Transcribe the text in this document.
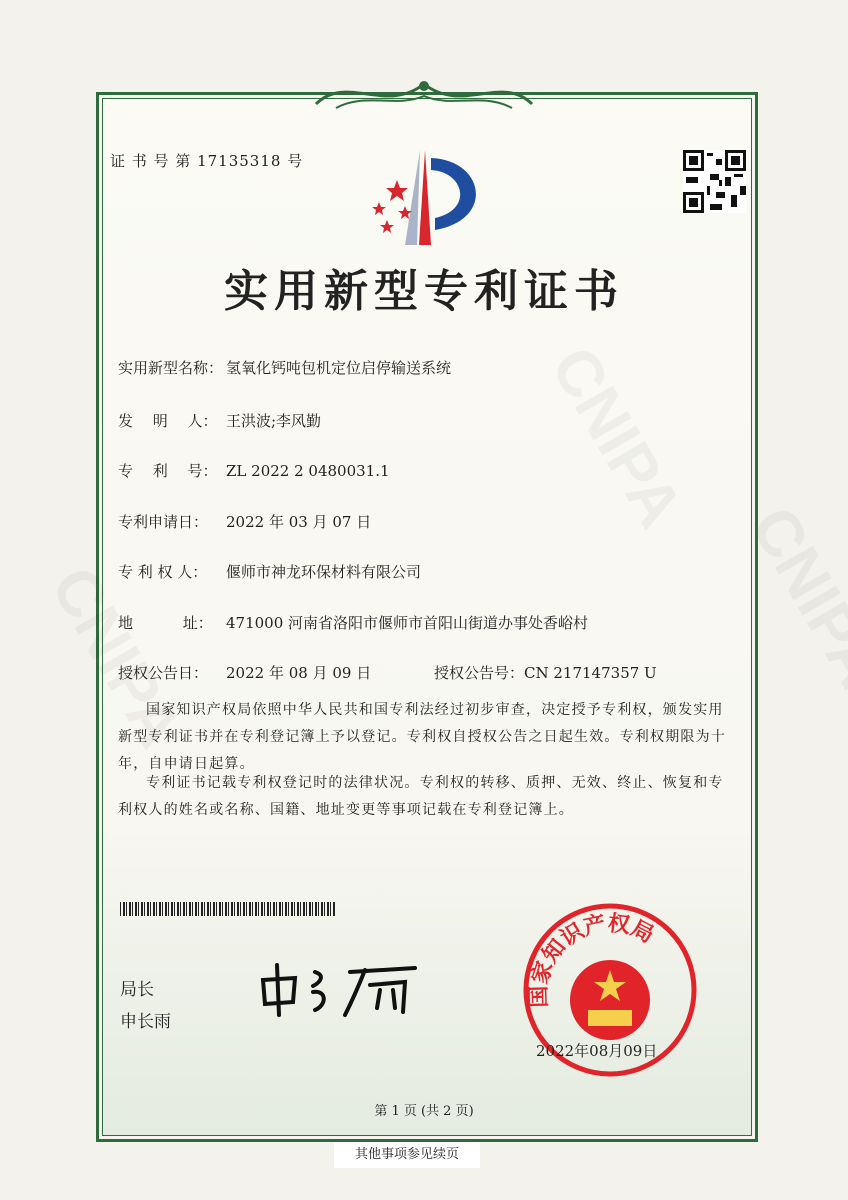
证 书 号 第 17135318 号
实用新型专利证书
实用新型名称： 氢氧化钙吨包机定位启停输送系统
发　 明　 人： 王洪波;李风勤
专　 利　 号： ZL 2022 2 0480031.1
专利申请日： 2022 年 03 月 07 日
专 利 权 人： 偃师市神龙环保材料有限公司
地　　　 址： 471000 河南省洛阳市偃师市首阳山街道办事处香峪村
授权公告日： 2022 年 08 月 09 日	授权公告号：CN 217147357 U
国家知识产权局依照中华人民共和国专利法经过初步审查，决定授予专利权，颁发实用新型专利证书并在专利登记簿上予以登记。专利权自授权公告之日起生效。专利权期限为十年，自申请日起算。
专利证书记载专利权登记时的法律状况。专利权的转移、质押、无效、终止、恢复和专利权人的姓名或名称、国籍、地址变更等事项记载在专利登记簿上。
局长
申长雨
国家知识产权局
2022年08月09日
第 1 页 (共 2 页)
其他事项参见续页
